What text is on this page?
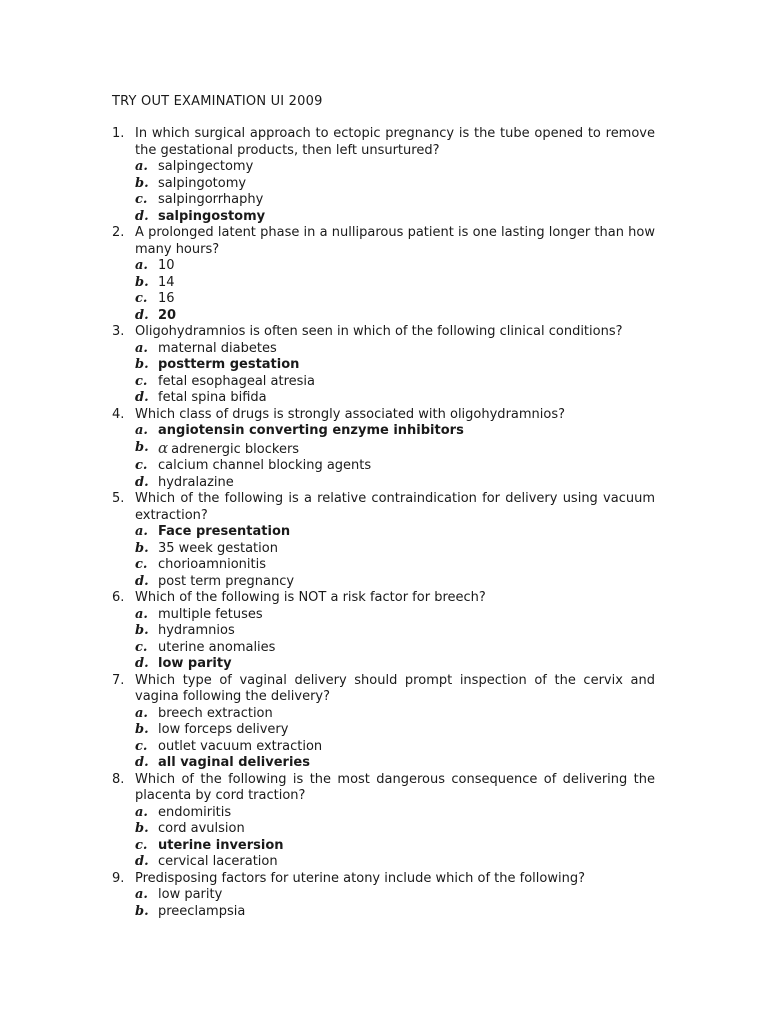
TRY OUT EXAMINATION UI 2009
1. In which surgical approach to ectopic pregnancy is the tube opened to remove the gestational products, then left unsurtured?
a. salpingectomy
b. salpingotomy
c. salpingorrhaphy
d. salpingostomy
2. A prolonged latent phase in a nulliparous patient is one lasting longer than how many hours?
a. 10
b. 14
c. 16
d. 20
3. Oligohydramnios is often seen in which of the following clinical conditions?
a. maternal diabetes
b. postterm gestation
c. fetal esophageal atresia
d. fetal spina bifida
4. Which class of drugs is strongly associated with oligohydramnios?
a. angiotensin converting enzyme inhibitors
b. α adrenergic blockers
c. calcium channel blocking agents
d. hydralazine
5. Which of the following is a relative contraindication for delivery using vacuum extraction?
a. Face presentation
b. 35 week gestation
c. chorioamnionitis
d. post term pregnancy
6. Which of the following is NOT a risk factor for breech?
a. multiple fetuses
b. hydramnios
c. uterine anomalies
d. low parity
7. Which type of vaginal delivery should prompt inspection of the cervix and vagina following the delivery?
a. breech extraction
b. low forceps delivery
c. outlet vacuum extraction
d. all vaginal deliveries
8. Which of the following is the most dangerous consequence of delivering the placenta by cord traction?
a. endomiritis
b. cord avulsion
c. uterine inversion
d. cervical laceration
9. Predisposing factors for uterine atony include which of the following?
a. low parity
b. preeclampsia
